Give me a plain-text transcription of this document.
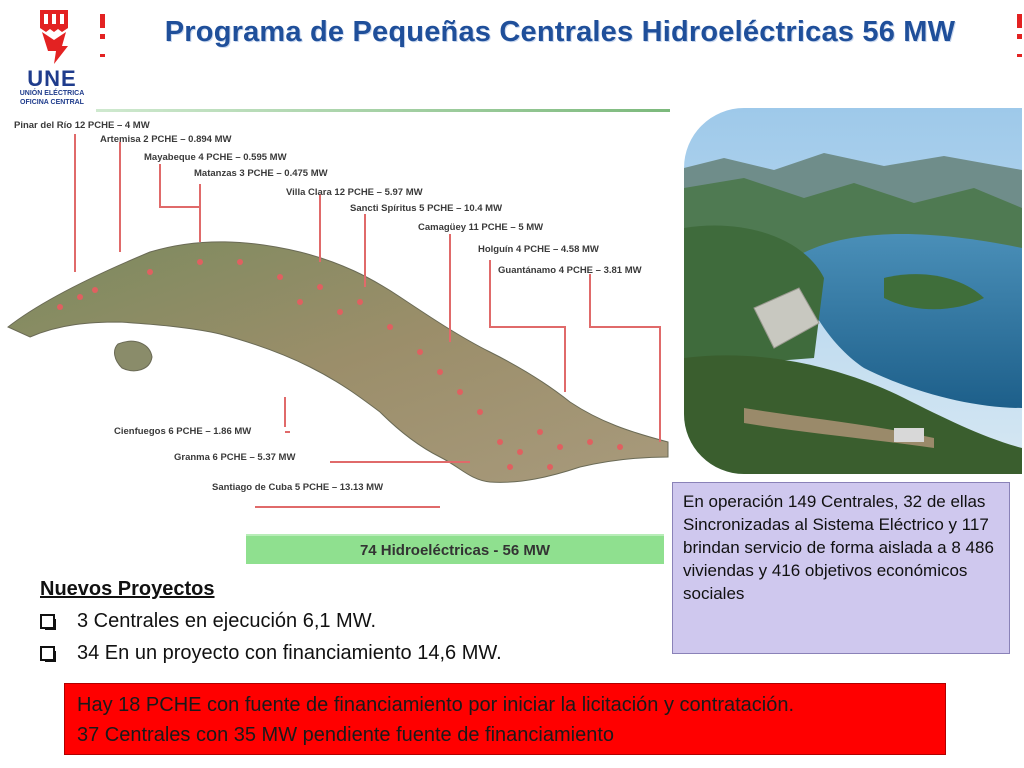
UNE
UNIÓN ELÉCTRICA
OFICINA CENTRAL
Programa de Pequeñas Centrales Hidroeléctricas 56 MW
Pinar del Río 12 PCHE – 4 MW
Artemisa 2 PCHE – 0.894 MW
Mayabeque 4 PCHE – 0.595 MW
Matanzas 3 PCHE – 0.475 MW
Villa Clara 12 PCHE – 5.97 MW
Sancti Spíritus 5 PCHE – 10.4 MW
Camagüey 11 PCHE – 5 MW
Holguín 4 PCHE – 4.58 MW
Guantánamo 4 PCHE – 3.81 MW
Cienfuegos 6 PCHE – 1.86 MW
Granma 6 PCHE – 5.37 MW
Santiago de Cuba 5 PCHE – 13.13 MW
74 Hidroeléctricas - 56 MW
En operación 149 Centrales, 32 de ellas Sincronizadas al Sistema Eléctrico y 117 brindan servicio de forma aislada a 8 486 viviendas y 416 objetivos económicos sociales
Nuevos Proyectos
3 Centrales en ejecución 6,1 MW.
34 En un proyecto con financiamiento 14,6 MW.
Hay 18 PCHE con fuente de financiamiento por iniciar la licitación y contratación.
37 Centrales con 35 MW pendiente fuente de financiamiento
